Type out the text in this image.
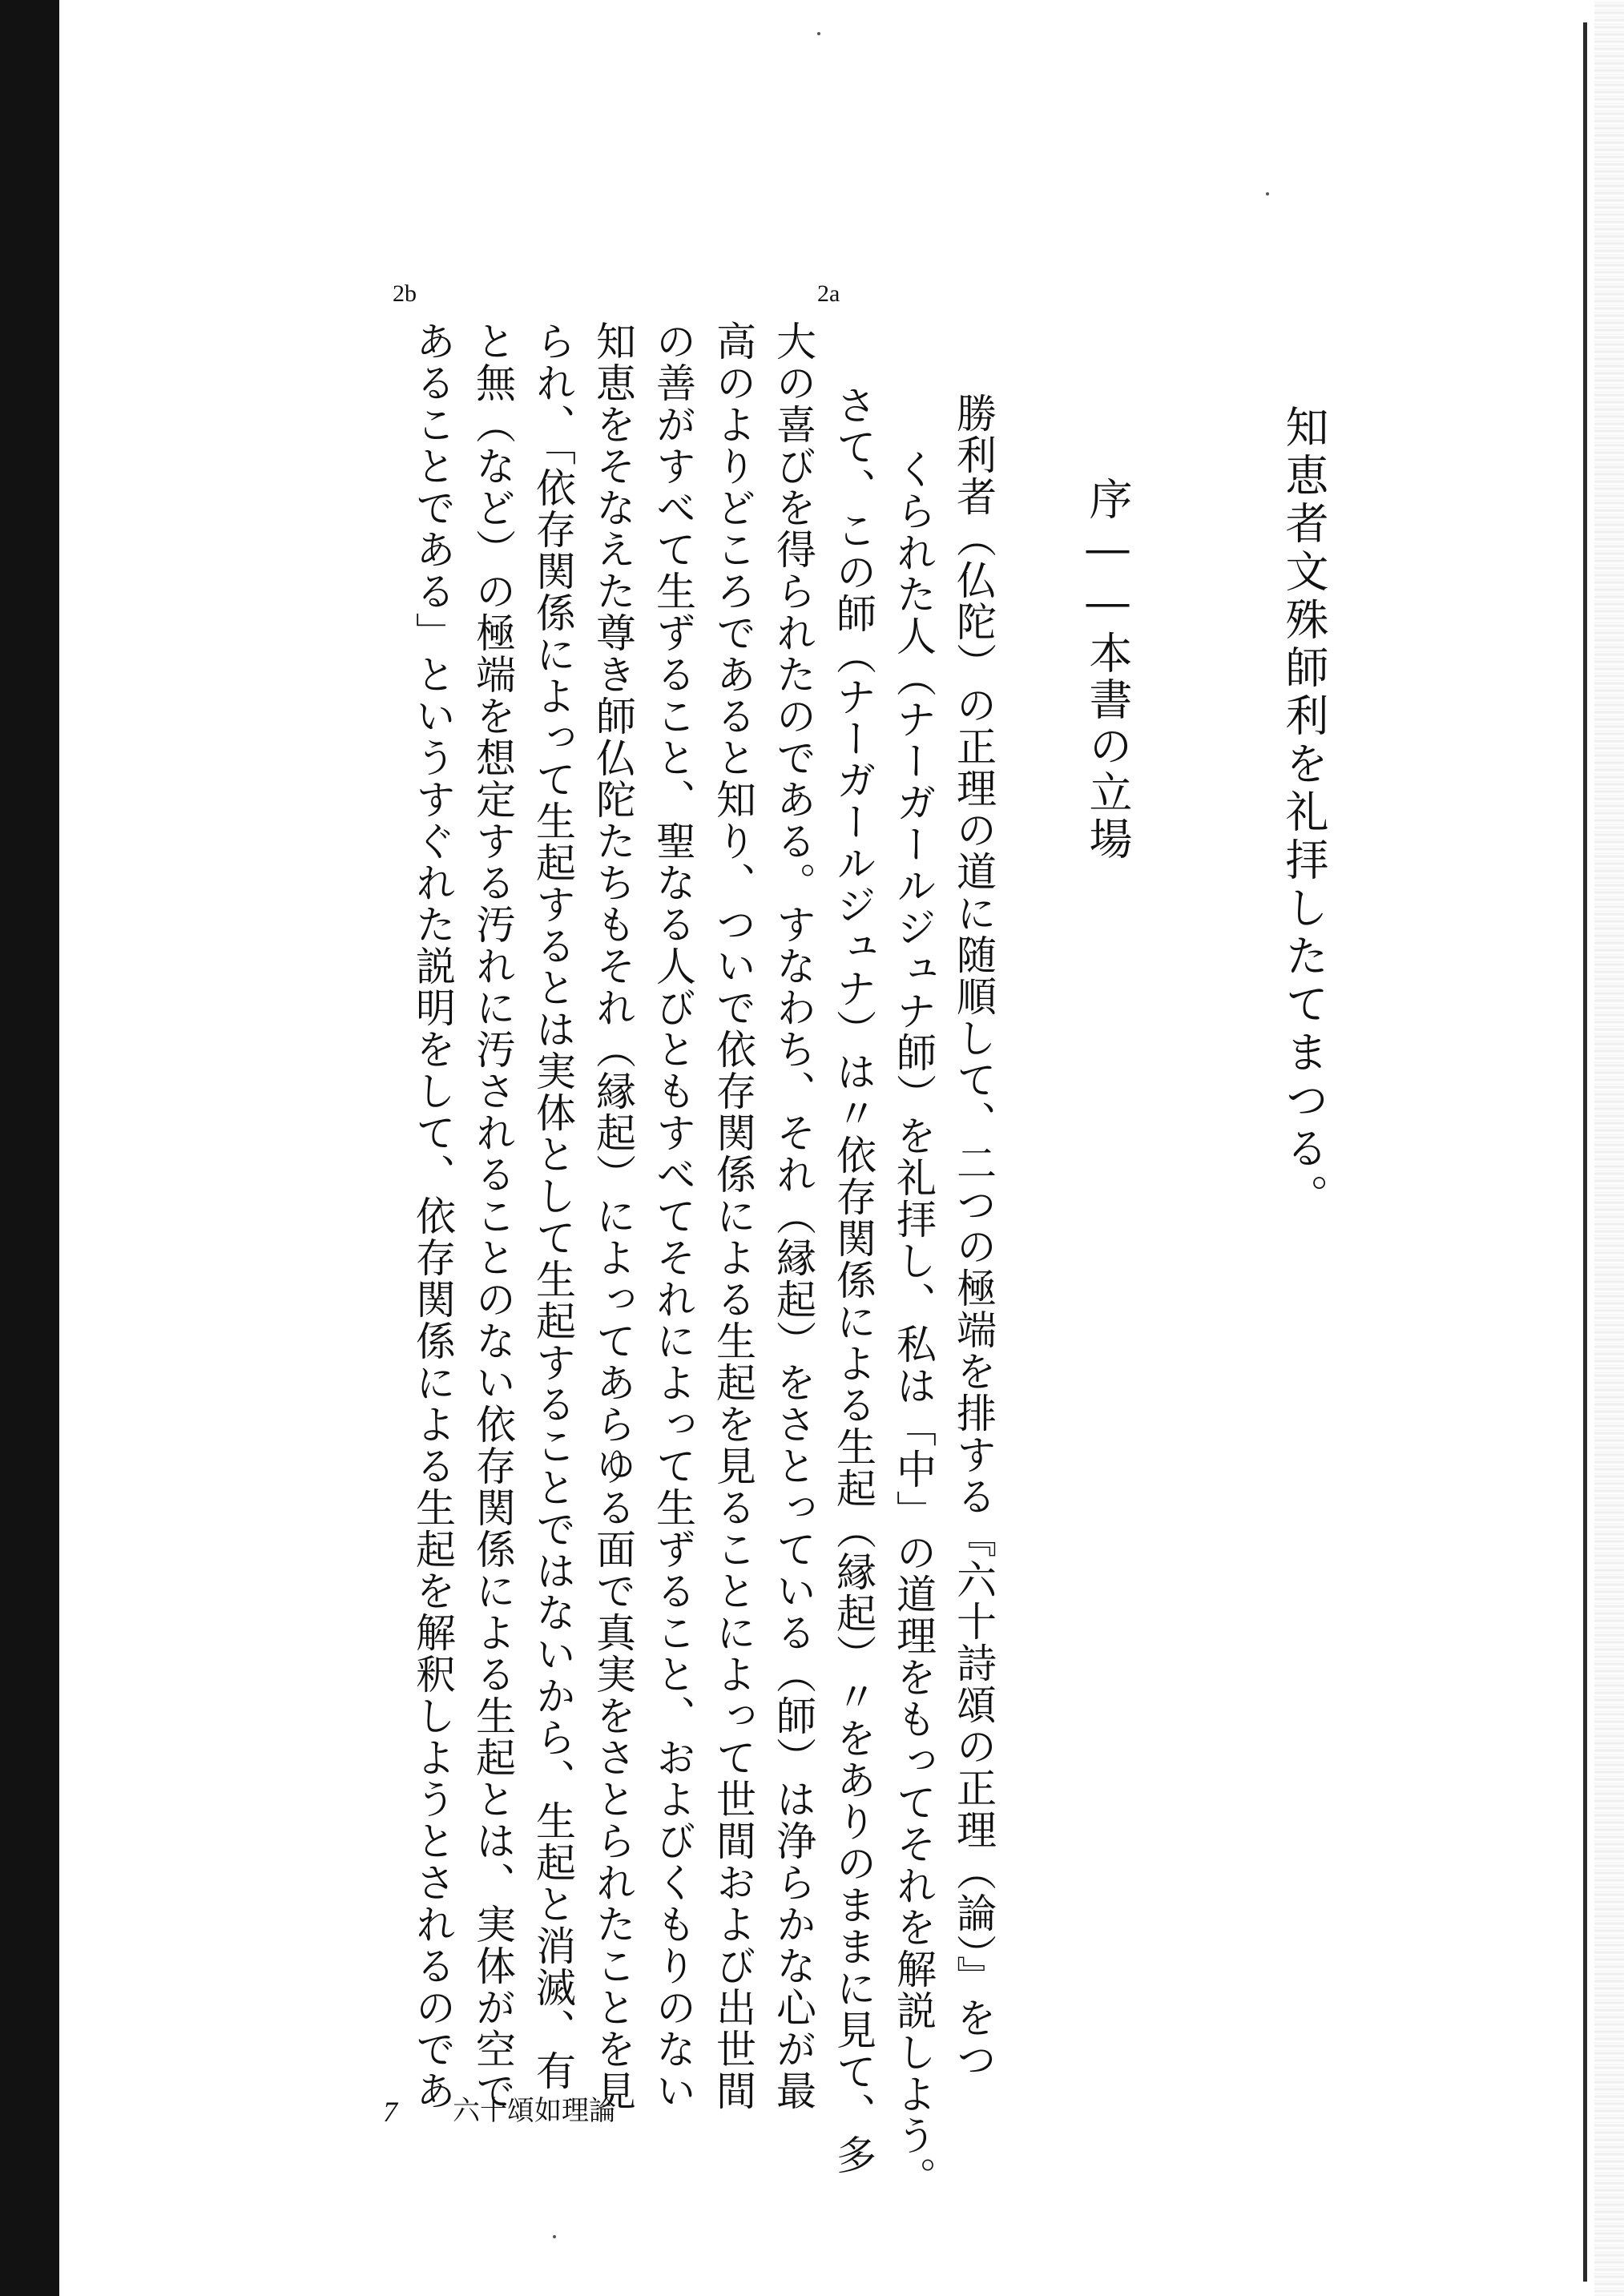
知恵者文殊師利を礼拝したてまつる。
序――本書の立場
勝利者（仏陀）の正理の道に随順して、二つの極端を排する『六十詩頌の正理（論）』をつ
くられた人（ナーガールジュナ師）を礼拝し、私は「中」の道理をもってそれを解説しよう。
さて、この師（ナーガールジュナ）は〃依存関係による生起（縁起）〃をありのままに見て、多
大の喜びを得られたのである。すなわち、それ（縁起）をさとっている（師）は浄らかな心が最
高のよりどころであると知り、ついで依存関係による生起を見ることによって世間および出世間
の善がすべて生ずること、聖なる人びともすべてそれによって生ずること、およびくもりのない
知恵をそなえた尊き師仏陀たちもそれ（縁起）によってあらゆる面で真実をさとられたことを見
られ、「依存関係によって生起するとは実体として生起することではないから、生起と消滅、有
と無（など）の極端を想定する汚れに汚されることのない依存関係による生起とは、実体が空で
あることである」というすぐれた説明をして、依存関係による生起を解釈しようとされるのであ
2a
2b
7 六十頌如理論
